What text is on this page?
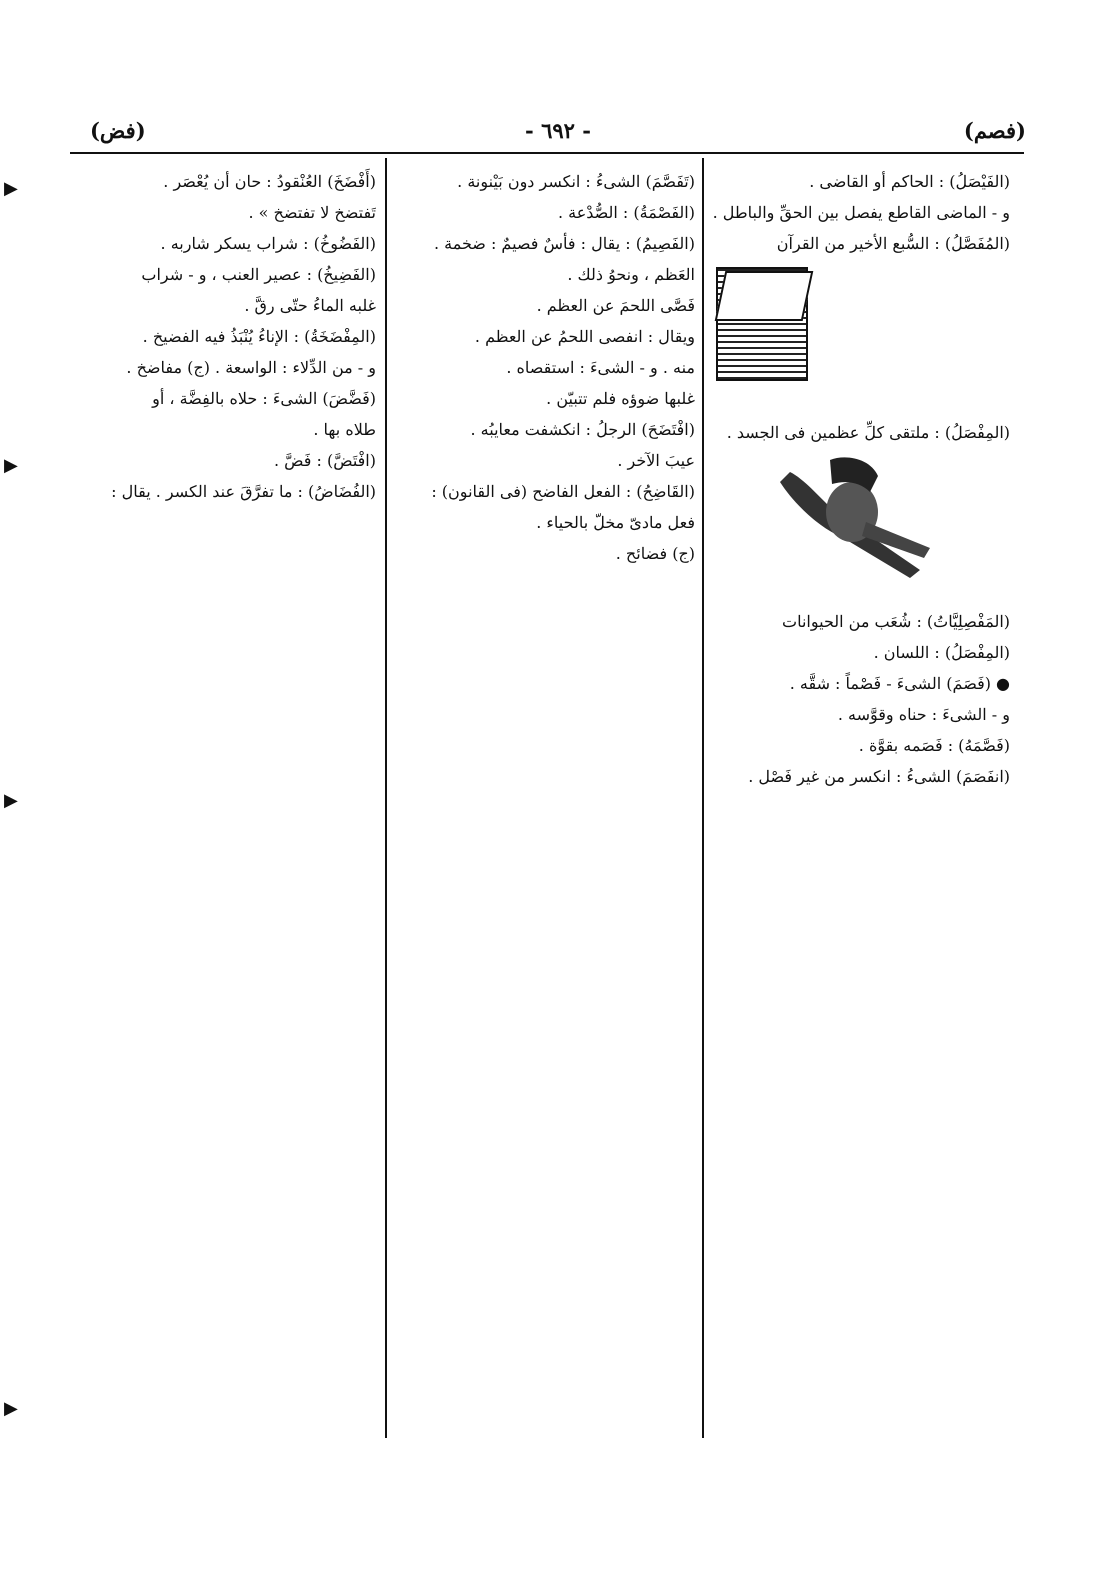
(فصم)
- ٦٩٢ -
(فض)
▶
▶
▶
▶
(الفَيْصَلُ) : الحاكم أو القاضى .
و - الماضى القاطع يفصل بين الحقِّ والباطل .
(المُفَصَّلُ) : السُّبع الأخير من القرآن
(المِفْصَلُ) : ملتقى كلِّ عظمين فى الجسد .
(المَفْصِلِيَّاتُ) : شُعَب من الحيوانات
(المِفْصَلُ) : اللسان .
● (فَصَمَ) الشىءَ - فَصْماً : شقَّه .
و - الشىءَ : حناه وقوَّسه .
(فَصَّمَهُ) : فَصَمه بقوَّة .
(انفَصَمَ) الشىءُ : انكسر من غير فَصْل .
(تَفَصَّمَ) الشىءُ : انكسر دون بَيْنونة .
(الفَصْمَةُ) : الصُّدْعة .
(الفَصِيمُ) : يقال : فأسٌ فصيمٌ : ضخمة .
العَظم ، ونحوُ ذلك .
فَصَّى اللحمَ عن العظم .
ويقال : انفصى اللحمُ عن العظم .
منه . و - الشىءَ : استقصاه .
غلبها ضوؤه فلم تتبيّن .
(افْتَضَحَ) الرجلُ : انكشفت معايبُه .
عيبَ الآخر .
(القَاضِحُ) : الفعل الفاضح (فى القانون) :
فعل مادىّ مخلّ بالحياء .
(ج) فضائح .
(أَفْضَخَ) العُنْقودُ : حان أن يُعْصَر .
تَفتضخ لا تفتضخ » .
(الفَضُوخُ) : شراب يسكر شاربه .
(الفَضِيخُ) : عصير العنب ، و - شراب
غلبه الماءُ حتّى رقَّ .
(المِفْضَخَةُ) : الإناءُ يُنْبَذُ فيه الفضيخ .
و - من الدِّلاء : الواسعة . (ج) مفاضخ .
(فَضَّضَ) الشىءَ : حلاه بالفِضَّة ، أو
طلاه بها .
(افْتَضَّ) : فَضَّ .
(الفُضَاضُ) : ما تفرَّقَ عند الكسر . يقال :
